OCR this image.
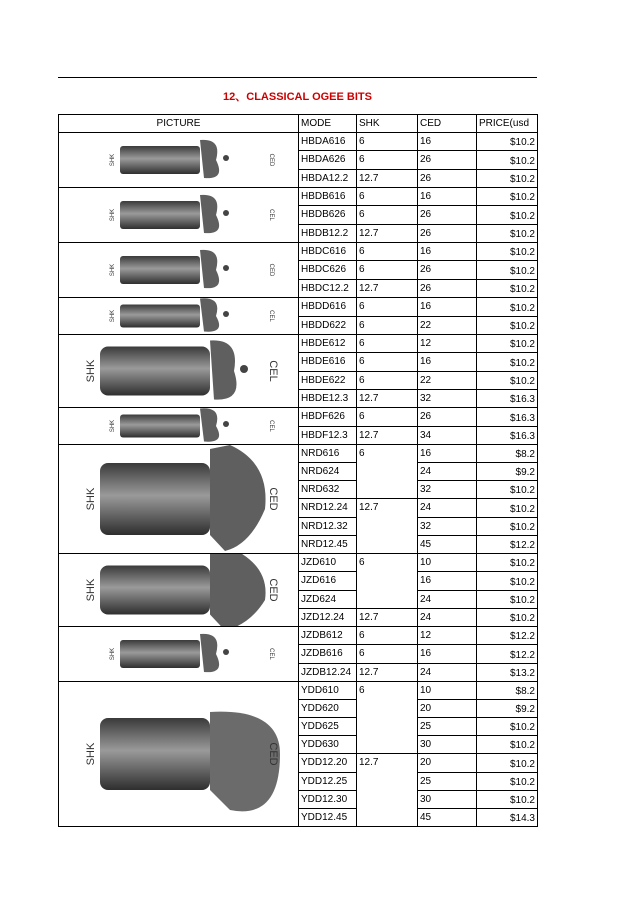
12、CLASSICAL OGEE BITS
PICTURE	MODE	SHK	CED	PRICE(usd

SHK CED	HBDA616	6	16	$10.2
	HBDA626	6	26	$10.2
	HBDA12.2	12.7	26	$10.2

SHK CEL	HBDB616	6	16	$10.2
	HBDB626	6	26	$10.2
	HBDB12.2	12.7	26	$10.2

SHK CED	HBDC616	6	16	$10.2
	HBDC626	6	26	$10.2
	HBDC12.2	12.7	26	$10.2

SHK CEL	HBDD616	6	16	$10.2
	HBDD622	6	22	$10.2

SHK CEL	HBDE612	6	12	$10.2
	HBDE616	6	16	$10.2
	HBDE622	6	22	$10.2
	HBDE12.3	12.7	32	$16.3

SHK CEL	HBDF626	6	26	$16.3
	HBDF12.3	12.7	34	$16.3

SHK CED	NRD616	6	16	$8.2
	NRD624		24	$9.2
	NRD632		32	$10.2
	NRD12.24	12.7	24	$10.2
	NRD12.32		32	$10.2
	NRD12.45		45	$12.2

SHK CED	JZD610	6	10	$10.2
	JZD616		16	$10.2
	JZD624		24	$10.2
	JZD12.24	12.7	24	$10.2

SHK CEL	JZDB612	6	12	$12.2
	JZDB616	6	16	$12.2
	JZDB12.24	12.7	24	$13.2

SHK CED	YDD610	6	10	$8.2
	YDD620		20	$9.2
	YDD625		25	$10.2
	YDD630		30	$10.2
	YDD12.20	12.7	20	$10.2
	YDD12.25		25	$10.2
	YDD12.30		30	$10.2
	YDD12.45		45	$14.3
